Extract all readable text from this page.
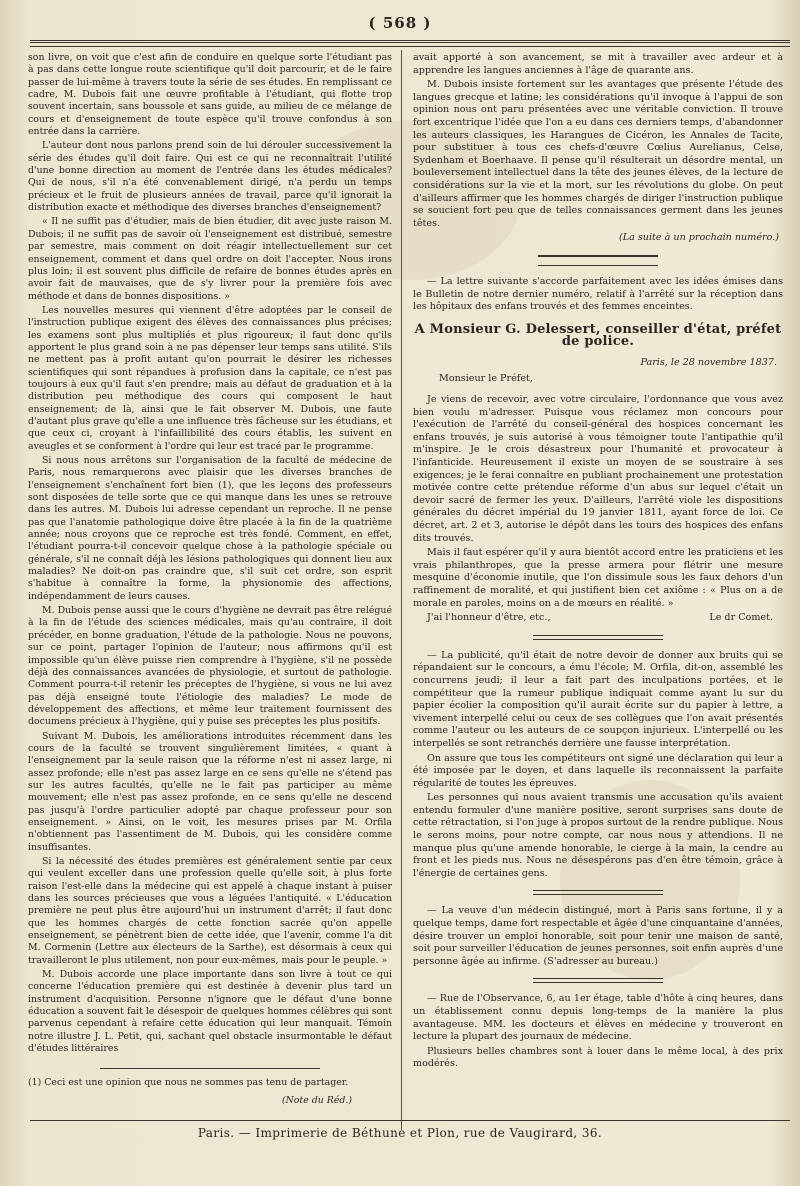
( 568 )

son livre, on voit que c'est afin de conduire en quelque sorte l'étudiant pas à pas dans cette longue route scientifique qu'il doit parcourir, et de le faire passer de lui-même à travers toute la série de ses études. En remplissant ce cadre, M. Dubois fait une œuvre profitable à l'étudiant, qui flotte trop souvent incertain, sans boussole et sans guide, au milieu de ce mélange de cours et d'enseignement de toute espèce qu'il trouve confondus à son entrée dans la carrière.

L'auteur dont nous parlons prend soin de lui dérouler successivement la série des études qu'il doit faire. Qui est ce qui ne reconnaîtrait l'utilité d'une bonne direction au moment de l'entrée dans les études médicales? Qui de nous, s'il n'a été convenablement dirigé, n'a perdu un temps précieux et le fruit de plusieurs années de travail, parce qu'il ignorait la distribution exacte et méthodique des diverses branches d'enseignement?

« Il ne suffit pas d'étudier, mais de bien étudier, dit avec juste raison M. Dubois; il ne suffit pas de savoir où l'enseignement est distribué, semestre par semestre, mais comment on doit réagir intellectuellement sur cet enseignement, comment et dans quel ordre on doit l'accepter. Nous irons plus loin; il est souvent plus difficile de refaire de bonnes études après en avoir fait de mauvaises, que de s'y livrer pour la première fois avec méthode et dans de bonnes dispositions. »

Les nouvelles mesures qui viennent d'être adoptées par le conseil de l'instruction publique exigent des élèves des connaissances plus précises; les examens sont plus multipliés et plus rigoureux; il faut donc qu'ils apportent le plus grand soin à ne pas dépenser leur temps sans utilité. S'ils ne mettent pas à profit autant qu'on pourrait le désirer les richesses scientifiques qui sont répandues à profusion dans la capitale, ce n'est pas toujours à eux qu'il faut s'en prendre; mais au défaut de graduation et à la distribution peu méthodique des cours qui composent le haut enseignement; de là, ainsi que le fait observer M. Dubois, une faute d'autant plus grave qu'elle a une influence très fâcheuse sur les étudians, et que ceux ci, croyant à l'infaillibilité des cours établis, les suivent en aveugles et se conforment à l'ordre qui leur est tracé par le programme.

Si nous nous arrêtons sur l'organisation de la faculté de médecine de Paris, nous remarquerons avec plaisir que les diverses branches de l'enseignement s'enchaînent fort bien (1), que les leçons des professeurs sont disposées de telle sorte que ce qui manque dans les unes se retrouve dans les autres. M. Dubois lui adresse cependant un reproche. Il ne pense pas que l'anatomie pathologique doive être placée à la fin de la quatrième année; nous croyons que ce reproche est très fondé. Comment, en effet, l'étudiant pourra-t-il concevoir quelque chose à la pathologie spéciale ou générale, s'il ne connaît déjà les lésions pathologiques qui donnent lieu aux maladies? Ne doit-on pas craindre que, s'il suit cet ordre, son esprit s'habitue à connaître la forme, la physionomie des affections, indépendamment de leurs causes.

M. Dubois pense aussi que le cours d'hygiène ne devrait pas être relégué à la fin de l'étude des sciences médicales, mais qu'au contraire, il doit précéder, en bonne graduation, l'étude de la pathologie. Nous ne pouvons, sur ce point, partager l'opinion de l'auteur; nous affirmons qu'il est impossible qu'un élève puisse rien comprendre à l'hygiène, s'il ne possède déjà des connaissances avancées de physiologie, et surtout de pathologie. Comment pourra-t-il retenir les préceptes de l'hygiène, si vous ne lui avez pas déjà enseigné toute l'étiologie des maladies? Le mode de développement des affections, et même leur traitement fournissent des documens précieux à l'hygiène, qui y puise ses préceptes les plus positifs.

Suivant M. Dubois, les améliorations introduites récemment dans les cours de la faculté se trouvent singulièrement limitées, « quant à l'enseignement par la seule raison que la réforme n'est ni assez large, ni assez profonde; elle n'est pas assez large en ce sens qu'elle ne s'étend pas sur les autres facultés, qu'elle ne le fait pas participer au même mouvement; elle n'est pas assez profonde, en ce sens qu'elle ne descend pas jusqu'à l'ordre particulier adopté par chaque professeur pour son enseignement. » Ainsi, on le voit, les mesures prises par M. Orfila n'obtiennent pas l'assentiment de M. Dubois, qui les considère comme insuffisantes.

Si la nécessité des études premières est généralement sentie par ceux qui veulent exceller dans une profession quelle qu'elle soit, à plus forte raison l'est-elle dans la médecine qui est appelé à chaque instant à puiser dans les sources précieuses que vous a léguées l'antiquité. « L'éducation première ne peut plus être aujourd'hui un instrument d'arrêt; il faut donc que les hommes chargés de cette fonction sacrée qu'on appelle enseignement, se pénètrent bien de cette idée, que l'avenir, comme l'a dit M. Cormenin (Lettre aux électeurs de la Sarthe), est désormais à ceux qui travailleront le plus utilement, non pour eux-mêmes, mais pour le peuple. »

M. Dubois accorde une place importante dans son livre à tout ce qui concerne l'éducation première qui est destinée à devenir plus tard un instrument d'acquisition. Personne n'ignore que le défaut d'une bonne éducation a souvent fait le désespoir de quelques hommes célèbres qui sont parvenus cependant à refaire cette éducation qui leur manquait. Témoin notre illustre J. L. Petit, qui, sachant quel obstacle insurmontable le défaut d'études littéraires

(1) Ceci est une opinion que nous ne sommes pas tenu de partager.
(Note du Réd.)

avait apporté à son avancement, se mit à travailler avec ardeur et à apprendre les langues anciennes à l'âge de quarante ans.

M. Dubois insiste fortement sur les avantages que présente l'étude des langues grecque et latine; les considérations qu'il invoque à l'appui de son opinion nous ont paru présentées avec une véritable conviction. Il trouve fort excentrique l'idée que l'on a eu dans ces derniers temps, d'abandonner les auteurs classiques, les Harangues de Cicéron, les Annales de Tacite, pour substituer à tous ces chefs-d'œuvre Cœlius Aurelianus, Celse, Sydenham et Boerhaave. Il pense qu'il résulterait un désordre mental, un bouleversement intellectuel dans la tête des jeunes élèves, de la lecture de considérations sur la vie et la mort, sur les révolutions du globe. On peut d'ailleurs affirmer que les hommes chargés de diriger l'instruction publique se soucient fort peu que de telles connaissances germent dans les jeunes têtes.

(La suite à un prochain numéro.)

— La lettre suivante s'accorde parfaitement avec les idées émises dans le Bulletin de notre dernier numéro, relatif à l'arrêté sur la réception dans les hôpitaux des enfans trouvés et des femmes enceintes.

A Monsieur G. Delessert, conseiller d'état, préfet de police.
Paris, le 28 novembre 1837.
Monsieur le Préfet,

Je viens de recevoir, avec votre circulaire, l'ordonnance que vous avez bien voulu m'adresser. Puisque vous réclamez mon concours pour l'exécution de l'arrêté du conseil-général des hospices concernant les enfans trouvés, je suis autorisé à vous témoigner toute l'antipathie qu'il m'inspire. Je le crois désastreux pour l'humanité et provocateur à l'infanticide. Heureusement il existe un moyen de se soustraire à ses exigences; je le ferai connaître en publiant prochainement une protestation motivée contre cette prétendue réforme d'un abus sur lequel c'était un devoir sacré de fermer les yeux. D'ailleurs, l'arrêté viole les dispositions générales du décret impérial du 19 janvier 1811, ayant force de loi. Ce décret, art. 2 et 3, autorise le dépôt dans les tours des hospices des enfans dits trouvés.

Mais il faut espérer qu'il y aura bientôt accord entre les praticiens et les vrais philanthropes, que la presse armera pour flétrir une mesure mesquine d'économie inutile, que l'on dissimule sous les faux dehors d'un raffinement de moralité, et qui justifient bien cet axiôme : « Plus on a de morale en paroles, moins on a de mœurs en réalité. »

J'ai l'honneur d'être, etc.,	Le dr Comet.

— La publicité, qu'il était de notre devoir de donner aux bruits qui se répandaient sur le concours, a ému l'école; M. Orfila, dit-on, assemblé les concurrens jeudi; il leur a fait part des inculpations portées, et le compétiteur que la rumeur publique indiquait comme ayant lu sur du papier écolier la composition qu'il aurait écrite sur du papier à lettre, a vivement interpellé celui ou ceux de ses collègues que l'on avait présentés comme l'auteur ou les auteurs de ce soupçon injurieux. L'interpellé ou les interpellés se sont retranchés derrière une fausse interprétation.

On assure que tous les compétiteurs ont signé une déclaration qui leur a été imposée par le doyen, et dans laquelle ils reconnaissent la parfaite régularité de toutes les épreuves.

Les personnes qui nous avaient transmis une accusation qu'ils avaient entendu formuler d'une manière positive, seront surprises sans doute de cette rétractation, si l'on juge à propos surtout de la rendre publique. Nous le serons moins, pour notre compte, car nous nous y attendions. Il ne manque plus qu'une amende honorable, le cierge à la main, la cendre au front et les pieds nus. Nous ne désespérons pas d'en être témoin, grâce à l'énergie de certaines gens.

— La veuve d'un médecin distingué, mort à Paris sans fortune, il y a quelque temps, dame fort respectable et âgée d'une cinquantaine d'années, désire trouver un emploi honorable, soit pour tenir une maison de santé, soit pour surveiller l'éducation de jeunes personnes, soit enfin auprès d'une personne âgée au infirme. (S'adresser au bureau.)

— Rue de l'Observance, 6, au 1er étage, table d'hôte à cinq heures, dans un établissement connu depuis long-temps de la manière la plus avantageuse. MM. les docteurs et élèves en médecine y trouveront en lecture la plupart des journaux de médecine.

Plusieurs belles chambres sont à louer dans le même local, à des prix modérés.

Paris. — Imprimerie de Béthune et Plon, rue de Vaugirard, 36.
